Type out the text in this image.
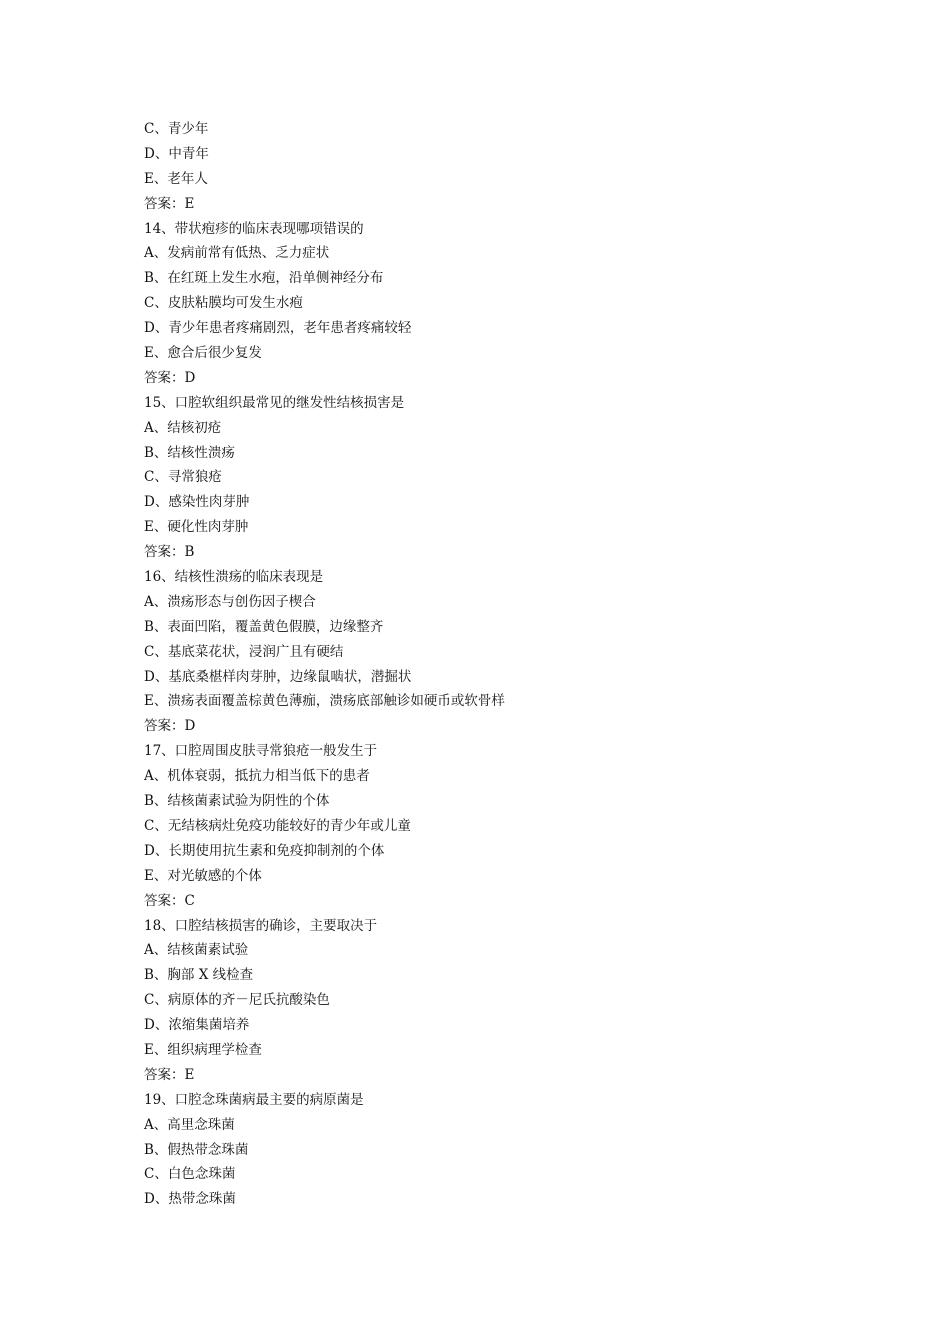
C、青少年
D、中青年
E、老年人
答案：E
14、带状疱疹的临床表现哪项错误的
A、发病前常有低热、乏力症状
B、在红斑上发生水疱，沿单侧神经分布
C、皮肤粘膜均可发生水疱
D、青少年患者疼痛剧烈，老年患者疼痛较轻
E、愈合后很少复发
答案：D
15、口腔软组织最常见的继发性结核损害是
A、结核初疮
B、结核性溃疡
C、寻常狼疮
D、感染性肉芽肿
E、硬化性肉芽肿
答案：B
16、结核性溃疡的临床表现是
A、溃疡形态与创伤因子楔合
B、表面凹陷，覆盖黄色假膜，边缘整齐
C、基底菜花状，浸润广且有硬结
D、基底桑椹样肉芽肿，边缘鼠啮状，潜掘状
E、溃疡表面覆盖棕黄色薄痂，溃疡底部触诊如硬币或软骨样
答案：D
17、口腔周围皮肤寻常狼疮一般发生于
A、机体衰弱，抵抗力相当低下的患者
B、结核菌素试验为阴性的个体
C、无结核病灶免疫功能较好的青少年或儿童
D、长期使用抗生素和免疫抑制剂的个体
E、对光敏感的个体
答案：C
18、口腔结核损害的确诊，主要取决于
A、结核菌素试验
B、胸部 X 线检查
C、病原体的齐－尼氏抗酸染色
D、浓缩集菌培养
E、组织病理学检查
答案：E
19、口腔念珠菌病最主要的病原菌是
A、高里念珠菌
B、假热带念珠菌
C、白色念珠菌
D、热带念珠菌
